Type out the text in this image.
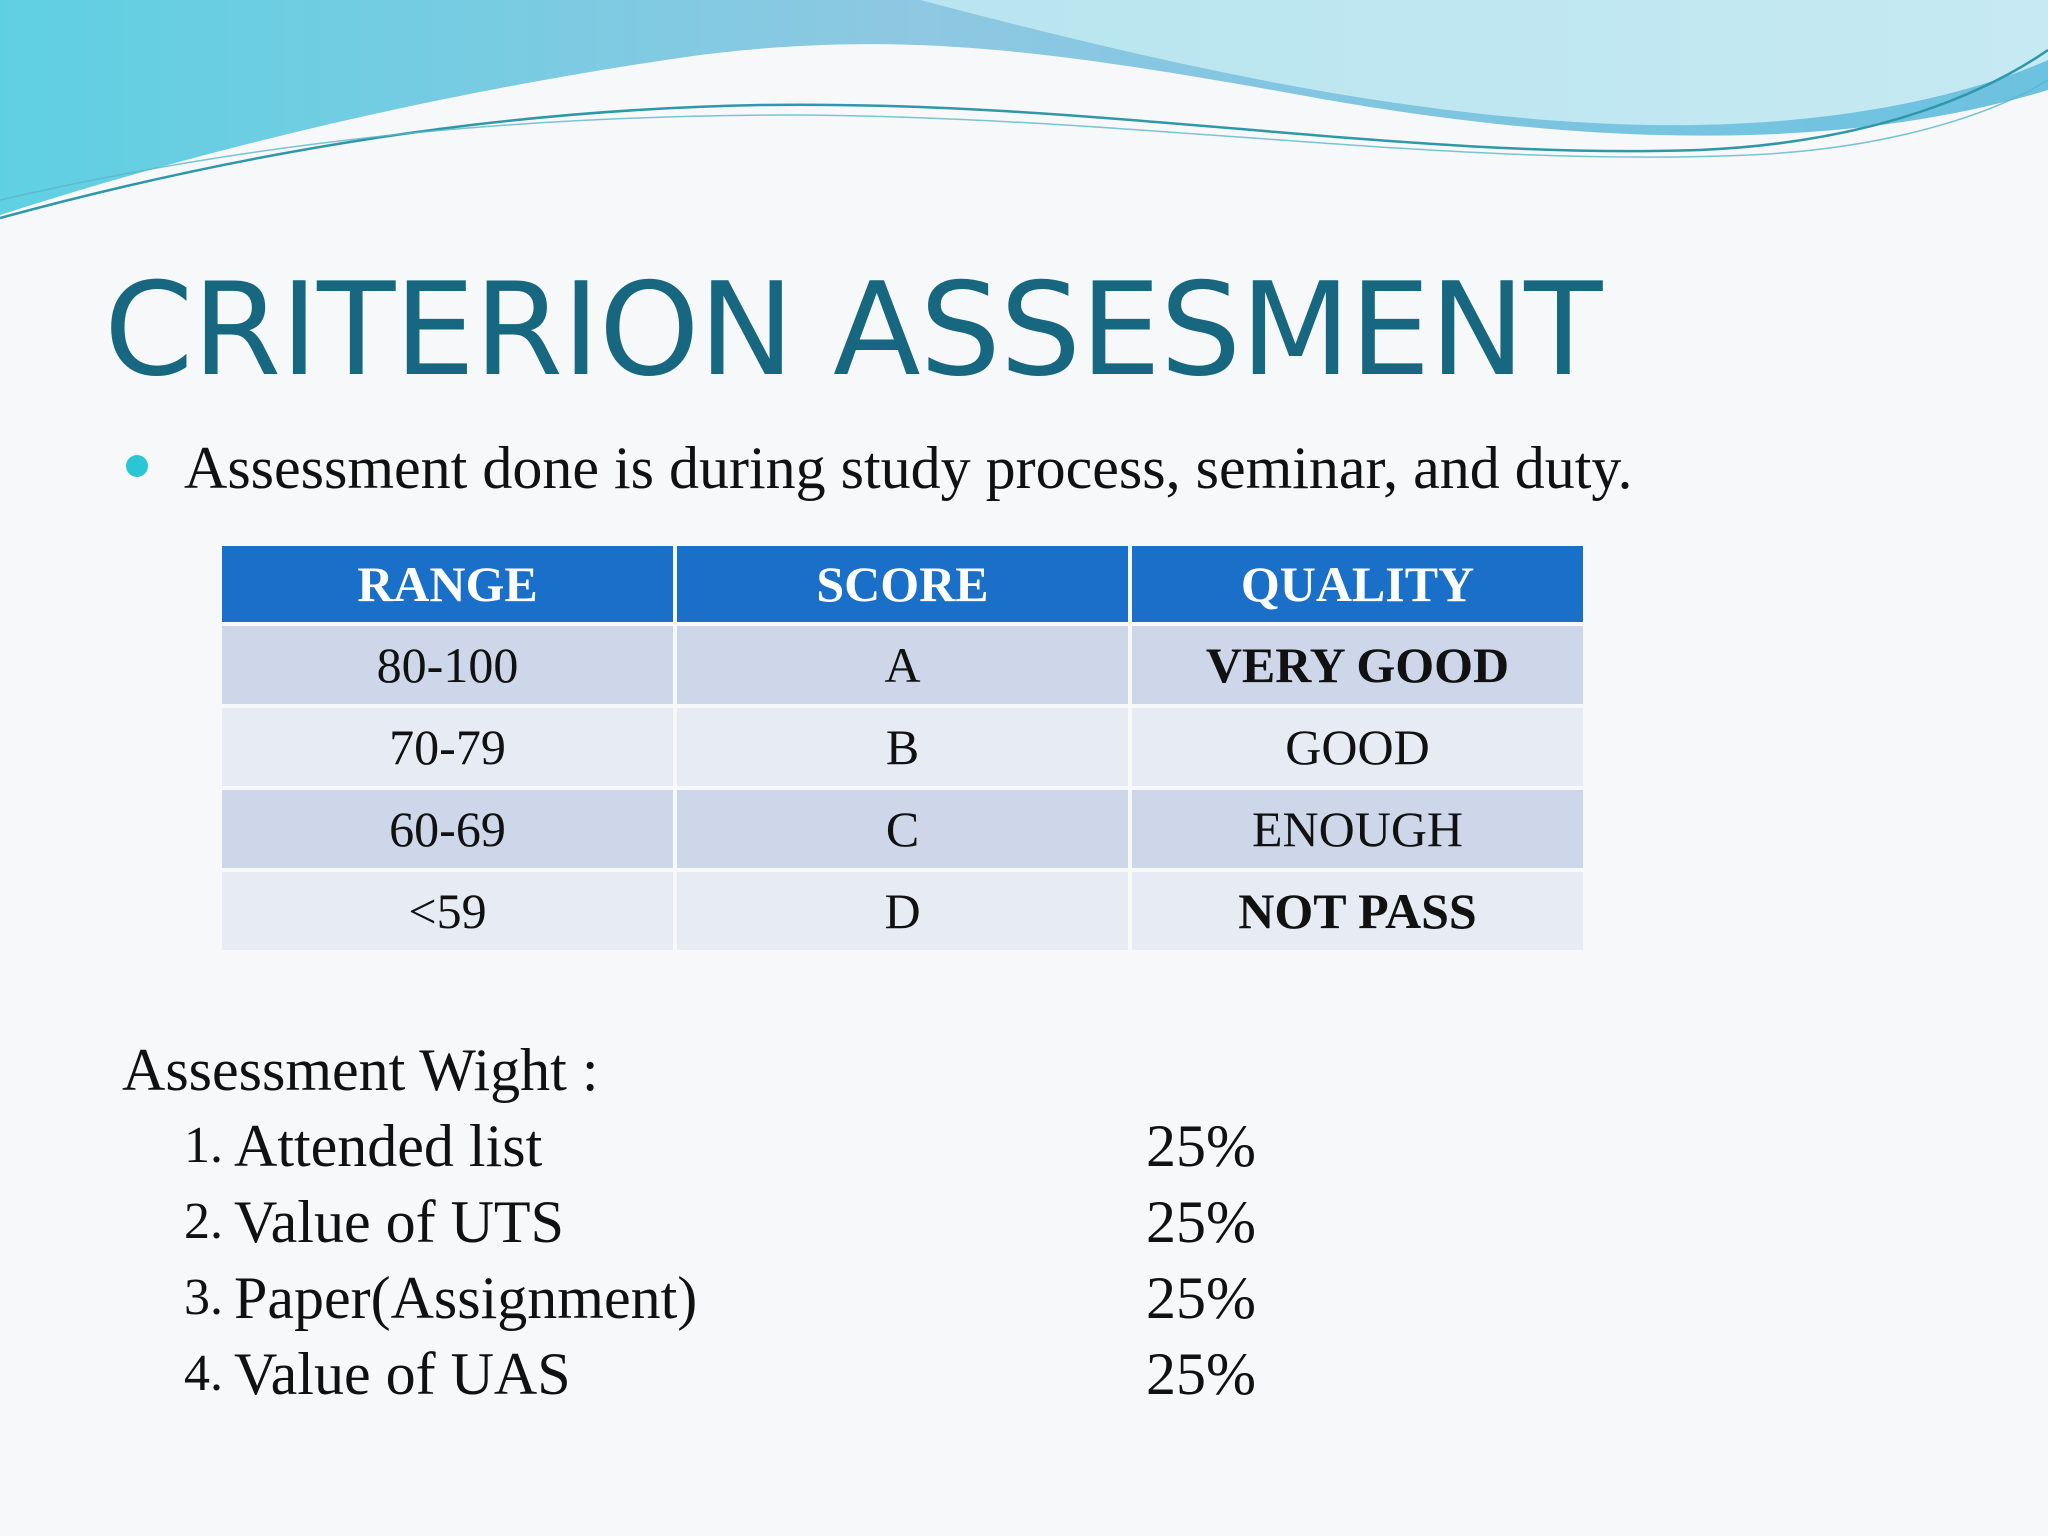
CRITERION ASSESMENT
Assessment done is during study process, seminar, and duty.
RANGE	SCORE	QUALITY
80-100	A	VERY GOOD
70-79	B	GOOD
60-69	C	ENOUGH
<59	D	NOT PASS
Assessment Wight :
1. Attended list	25%
2. Value of UTS	25%
3. Paper(Assignment)	25%
4. Value of UAS	25%
